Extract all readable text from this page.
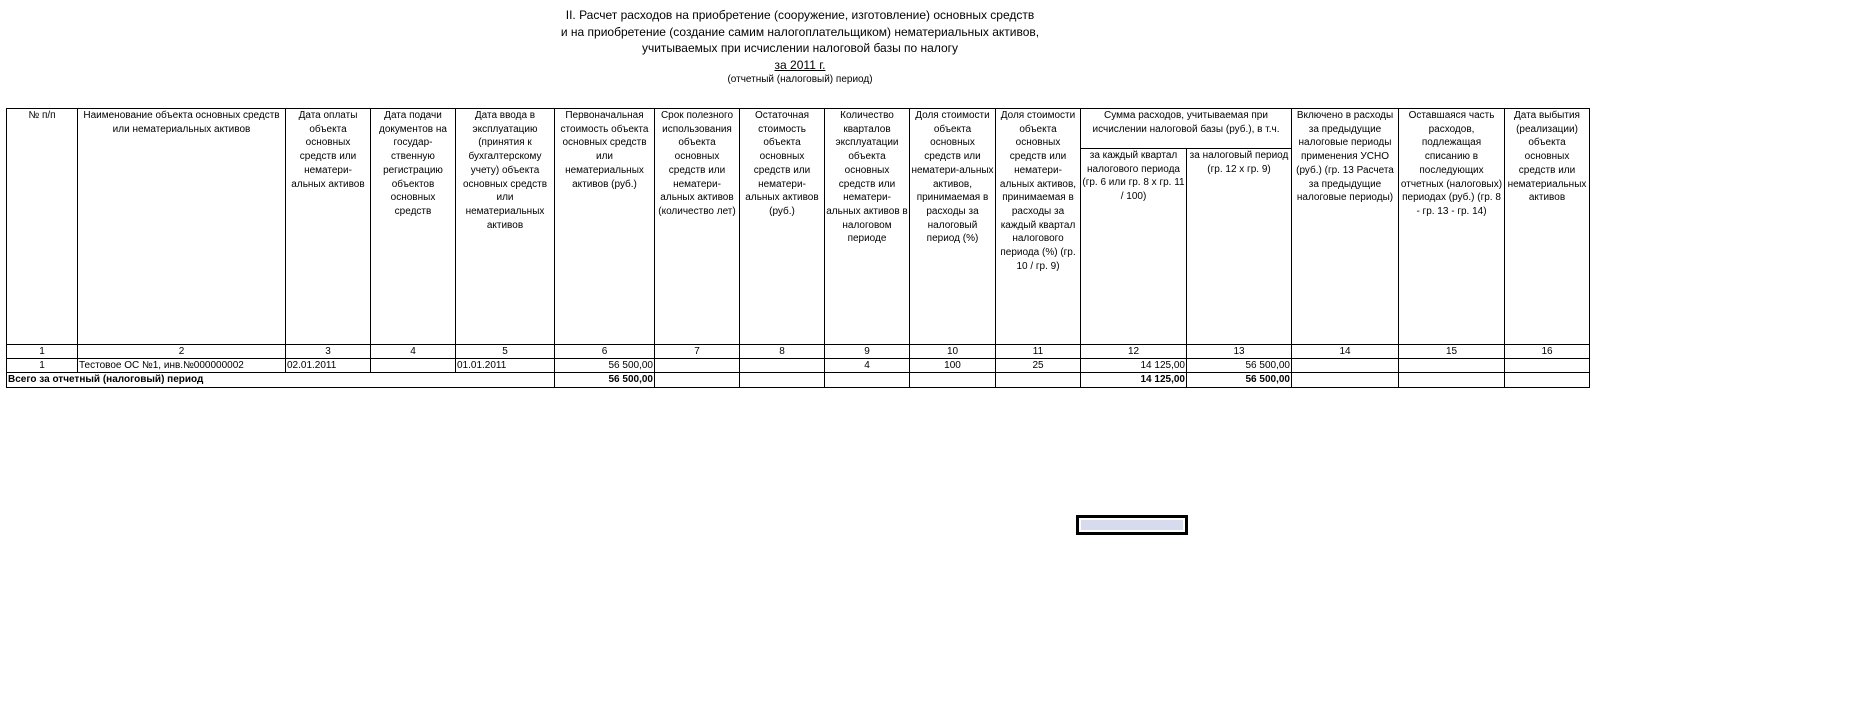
II. Расчет расходов на приобретение (сооружение, изготовление) основных средств
и на приобретение (создание самим налогоплательщиком) нематериальных активов,
учитываемых при исчислении налоговой базы по налогу
за 2011 г.
(отчетный (налоговый) период)
№ п/п	Наименование объекта основных средств или нематериальных активов	Дата оплаты объекта основных средств или нематери-альных активов	Дата подачи документов на государ-ственную регистрацию объектов основных средств	Дата ввода в эксплуатацию (принятия к бухгалтерскому учету) объекта основных средств или нематериальных активов	Первоначальная стоимость объекта основных средств или нематериальных активов (руб.)	Срок полезного использования объекта основных средств или нематери-альных активов (количество лет)	Остаточная стоимость объекта основных средств или нематери-альных активов (руб.)	Количество кварталов эксплуатации объекта основных средств или нематери-альных активов в налоговом периоде	Доля стоимости объекта основных средств или нематери-альных активов, принимаемая в расходы за налоговый период (%)	Доля стоимости объекта основных средств или нематери-альных активов, принимаемая в расходы за каждый квартал налогового периода (%) (гр. 10 / гр. 9)	Сумма расходов, учитываемая при исчислении налоговой базы (руб.), в т.ч.		Включено в расходы за предыдущие налоговые периоды применения УСНО (руб.) (гр. 13 Расчета за предыдущие налоговые периоды)	Оставшаяся часть расходов, подлежащая списанию в последующих отчетных (налоговых) периодах (руб.) (гр. 8 - гр. 13 - гр. 14)	Дата выбытия (реализации) объекта основных средств или нематериальных активов
											за каждый квартал налогового периода (гр. 6 или гр. 8 х гр. 11 / 100)	за налоговый период (гр. 12 х гр. 9)			
1	2	3	4	5	6	7	8	9	10	11	12	13	14	15	16
1	Тестовое ОС №1, инв.№000000002	02.01.2011		01.01.2011	56 500,00			4	100	25	14 125,00	56 500,00			
Всего за отчетный (налоговый) период					56 500,00						14 125,00	56 500,00			
